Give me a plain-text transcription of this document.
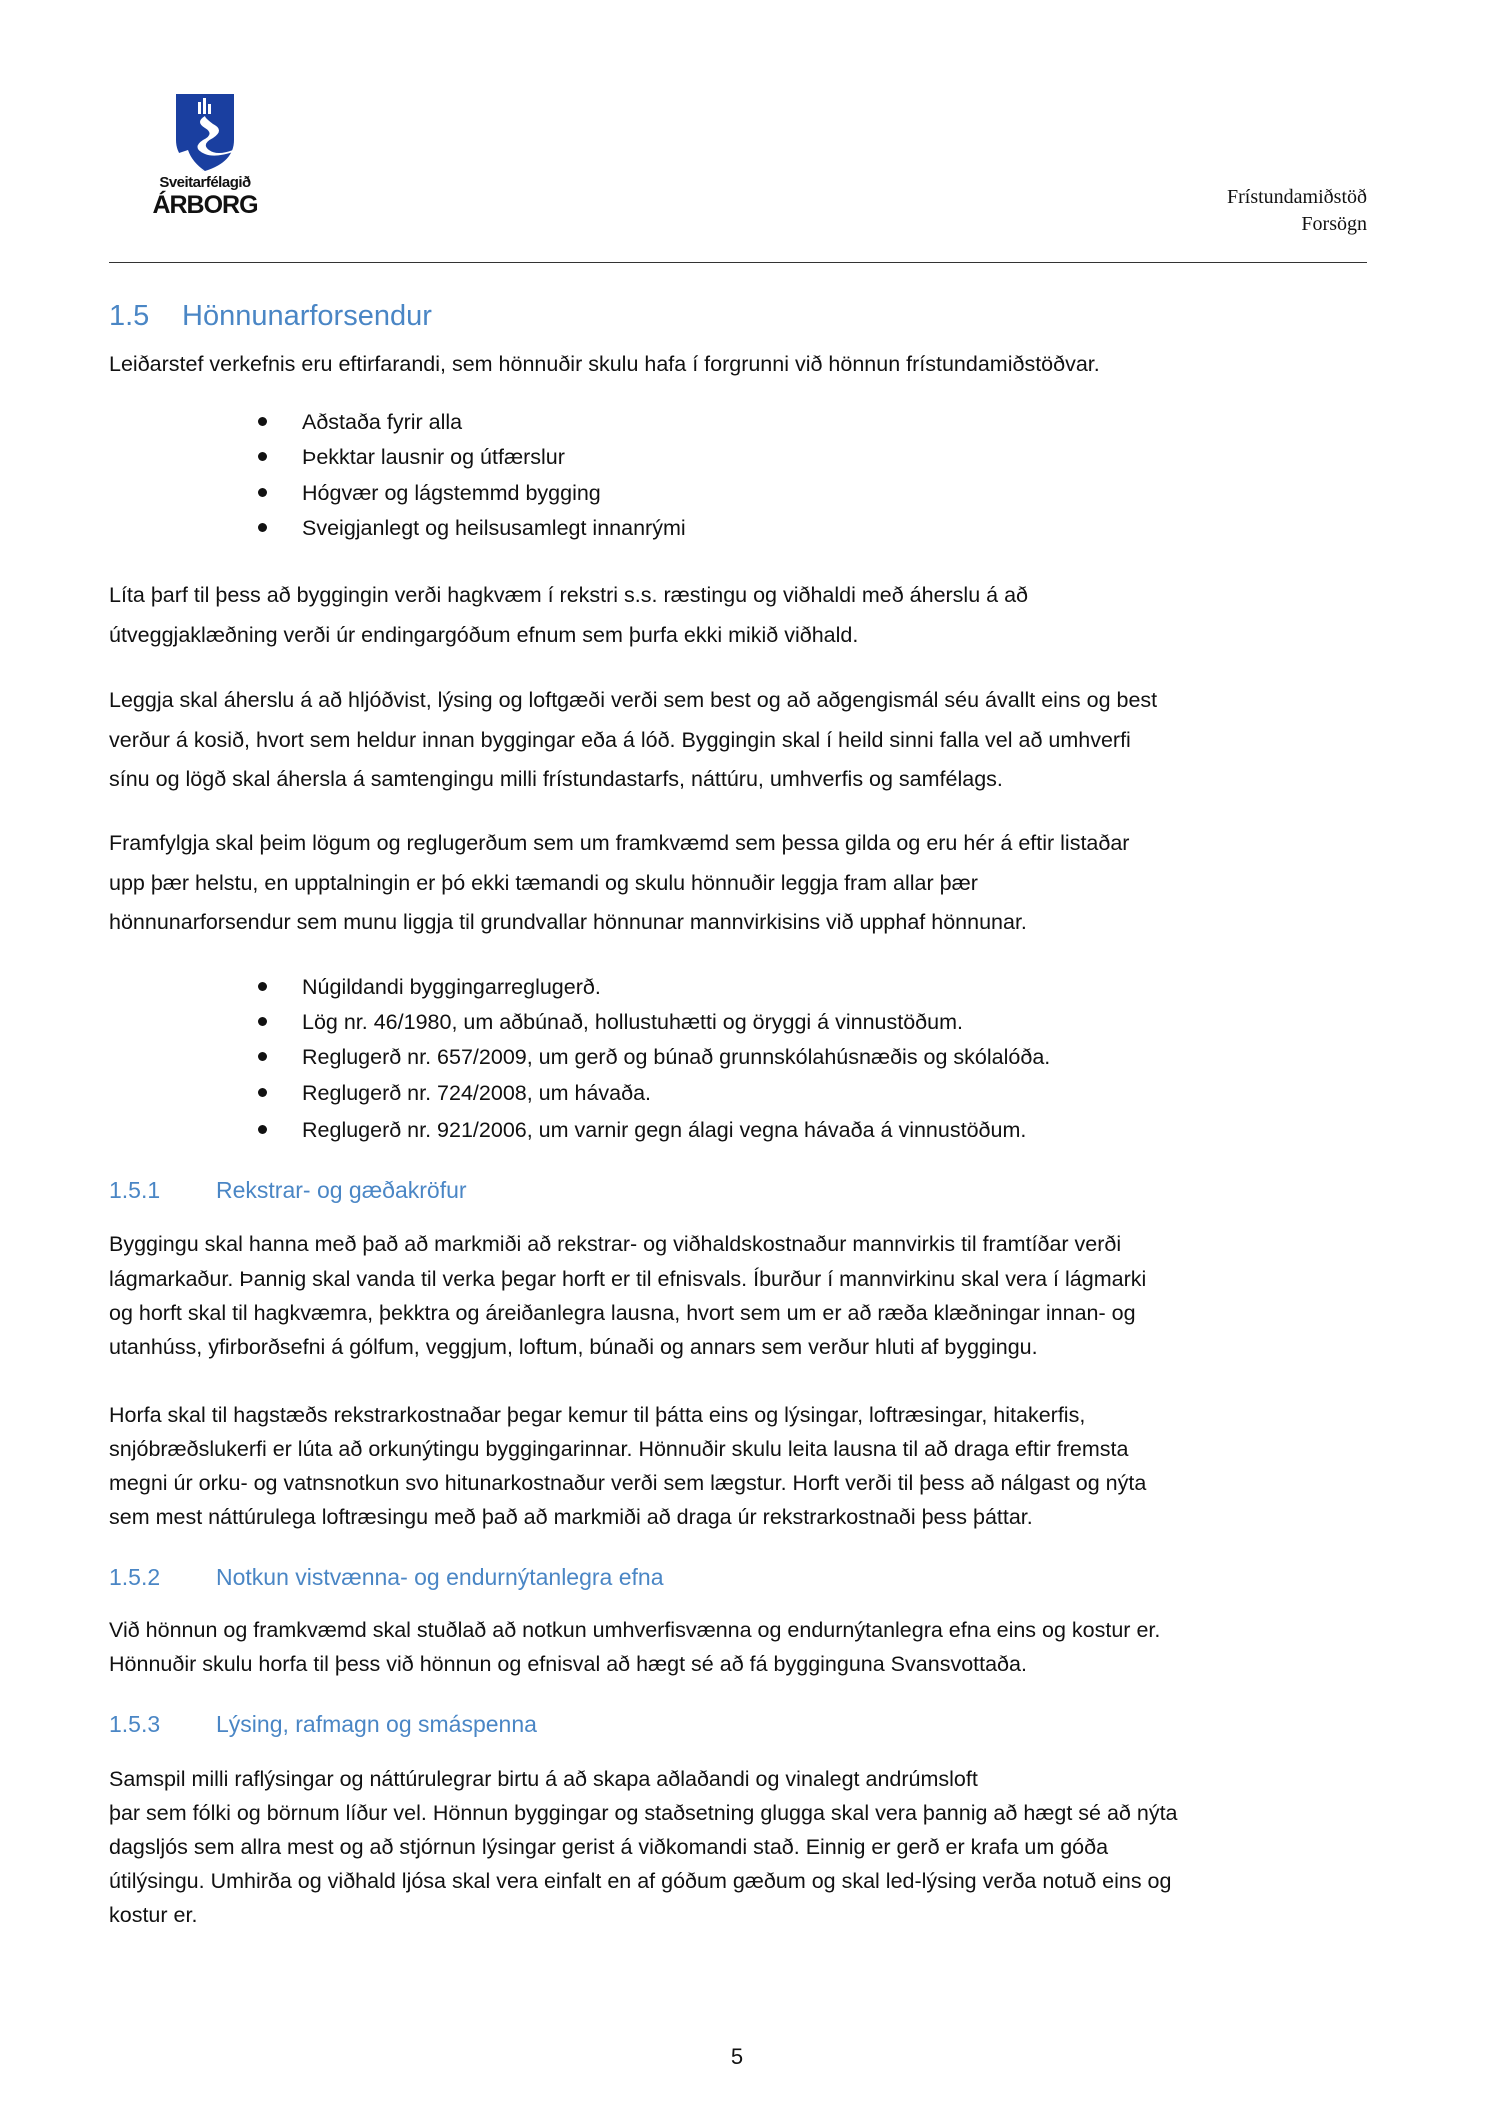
Sveitarfélagið
ÁRBORG	Frístundamiðstöð
Forsögn
1.5 Hönnunarforsendur
Leiðarstef verkefnis eru eftirfarandi, sem hönnuðir skulu hafa í forgrunni við hönnun frístundamiðstöðvar.
Aðstaða fyrir alla
Þekktar lausnir og útfærslur
Hógvær og lágstemmd bygging
Sveigjanlegt og heilsusamlegt innanrými
Líta þarf til þess að byggingin verði hagkvæm í rekstri s.s. ræstingu og viðhaldi með áherslu á að
útveggjaklæðning verði úr endingargóðum efnum sem þurfa ekki mikið viðhald.
Leggja skal áherslu á að hljóðvist, lýsing og loftgæði verði sem best og að aðgengismál séu ávallt eins og best
verður á kosið, hvort sem heldur innan byggingar eða á lóð. Byggingin skal í heild sinni falla vel að umhverfi
sínu og lögð skal áhersla á samtengingu milli frístundastarfs, náttúru, umhverfis og samfélags.
Framfylgja skal þeim lögum og reglugerðum sem um framkvæmd sem þessa gilda og eru hér á eftir listaðar
upp þær helstu, en upptalningin er þó ekki tæmandi og skulu hönnuðir leggja fram allar þær
hönnunarforsendur sem munu liggja til grundvallar hönnunar mannvirkisins við upphaf hönnunar.
Núgildandi byggingarreglugerð.
Lög nr. 46/1980, um aðbúnað, hollustuhætti og öryggi á vinnustöðum.
Reglugerð nr. 657/2009, um gerð og búnað grunnskólahúsnæðis og skólalóða.
Reglugerð nr. 724/2008, um hávaða.
Reglugerð nr. 921/2006, um varnir gegn álagi vegna hávaða á vinnustöðum.
1.5.1 Rekstrar- og gæðakröfur
Byggingu skal hanna með það að markmiði að rekstrar- og viðhaldskostnaður mannvirkis til framtíðar verði
lágmarkaður. Þannig skal vanda til verka þegar horft er til efnisvals. Íburður í mannvirkinu skal vera í lágmarki
og horft skal til hagkvæmra, þekktra og áreiðanlegra lausna, hvort sem um er að ræða klæðningar innan- og
utanhúss, yfirborðsefni á gólfum, veggjum, loftum, búnaði og annars sem verður hluti af byggingu.
Horfa skal til hagstæðs rekstrarkostnaðar þegar kemur til þátta eins og lýsingar, loftræsingar, hitakerfis,
snjóbræðslukerfi er lúta að orkunýtingu byggingarinnar. Hönnuðir skulu leita lausna til að draga eftir fremsta
megni úr orku- og vatnsnotkun svo hitunarkostnaður verði sem lægstur. Horft verði til þess að nálgast og nýta
sem mest náttúrulega loftræsingu með það að markmiði að draga úr rekstrarkostnaði þess þáttar.
1.5.2 Notkun vistvænna- og endurnýtanlegra efna
Við hönnun og framkvæmd skal stuðlað að notkun umhverfisvænna og endurnýtanlegra efna eins og kostur er.
Hönnuðir skulu horfa til þess við hönnun og efnisval að hægt sé að fá bygginguna Svansvottaða.
1.5.3 Lýsing, rafmagn og smáspenna
Samspil milli raflýsingar og náttúrulegrar birtu á að skapa aðlaðandi og vinalegt andrúmsloft
þar sem fólki og börnum líður vel. Hönnun byggingar og staðsetning glugga skal vera þannig að hægt sé að nýta
dagsljós sem allra mest og að stjórnun lýsingar gerist á viðkomandi stað. Einnig er gerð er krafa um góða
útilýsingu. Umhirða og viðhald ljósa skal vera einfalt en af góðum gæðum og skal led-lýsing verða notuð eins og
kostur er.
5
